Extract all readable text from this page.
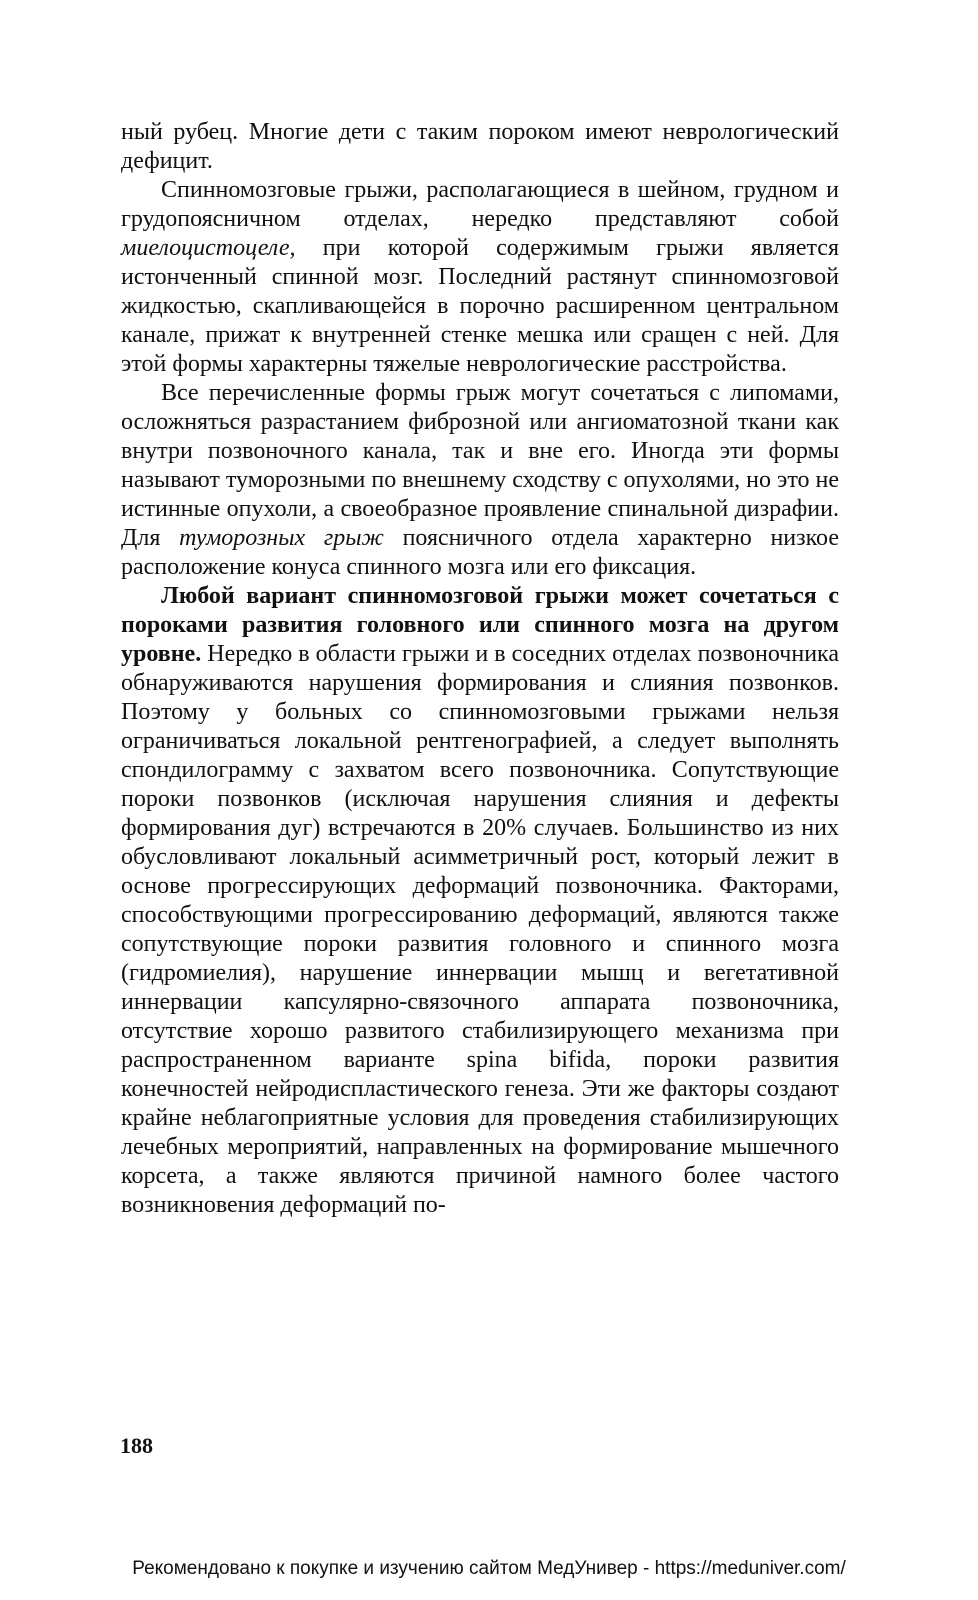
ный рубец. Многие дети с таким пороком имеют неврологический дефицит.

Спинномозговые грыжи, располагающиеся в шейном, грудном и грудопоясничном отделах, нередко представляют собой миелоцистоцеле, при которой содержимым грыжи является истонченный спинной мозг. Последний растянут спинномозговой жидкостью, скапливающейся в порочно расширенном центральном канале, прижат к внутренней стенке мешка или сращен с ней. Для этой формы характерны тяжелые неврологические расстройства.

Все перечисленные формы грыж могут сочетаться с липомами, осложняться разрастанием фиброзной или ангиоматозной ткани как внутри позвоночного канала, так и вне его. Иногда эти формы называют туморозными по внешнему сходству с опухолями, но это не истинные опухоли, а своеобразное проявление спинальной дизрафии. Для туморозных грыж поясничного отдела характерно низкое расположение конуса спинного мозга или его фиксация.

Любой вариант спинномозговой грыжи может сочетаться с пороками развития головного или спинного мозга на другом уровне. Нередко в области грыжи и в соседних отделах позвоночника обнаруживаются нарушения формирования и слияния позвонков. Поэтому у больных со спинномозговыми грыжами нельзя ограничиваться локальной рентгенографией, а следует выполнять спондилограмму с захватом всего позвоночника. Сопутствующие пороки позвонков (исключая нарушения слияния и дефекты формирования дуг) встречаются в 20% случаев. Большинство из них обусловливают локальный асимметричный рост, который лежит в основе прогрессирующих деформаций позвоночника. Факторами, способствующими прогрессированию деформаций, являются также сопутствующие пороки развития головного и спинного мозга (гидромиелия), нарушение иннервации мышц и вегетативной иннервации капсулярно-связочного аппарата позвоночника, отсутствие хорошо развитого стабилизирующего механизма при распространенном варианте spina bifida, пороки развития конечностей нейродиспластического генеза. Эти же факторы создают крайне неблагоприятные условия для проведения стабилизирующих лечебных мероприятий, направленных на формирование мышечного корсета, а также являются причиной намного более частого возникновения деформаций по-

188
Рекомендовано к покупке и изучению сайтом МедУнивер - https://meduniver.com/
